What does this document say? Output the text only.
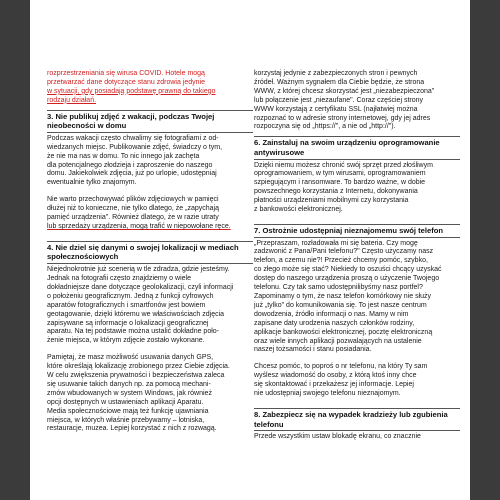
rozprzestrzeniania się wirusa COVID. Hotele mogą
przetwarzać dane dotyczące stanu zdrowia jedynie
w sytuacji, gdy posiadają podstawę prawną do takiego
rodzaju działań.

3. Nie publikuj zdjęć z wakacji, podczas Twojej
nieobecności w domu

Podczas wakacji często chwalimy się fotografiami z od-
wiedzanych miejsc. Publikowanie zdjęć, świadczy o tym,
że nie ma nas w domu. To nic innego jak zachęta
dla potencjalnego złodzieja i zaproszenie do naszego
domu. Jakiekolwiek zdjęcia, już po urlopie, udostępniaj
ewentualnie tylko znajomym.

Nie warto przechowywać plików zdjęciowych w pamięci
dłużej niż to konieczne, nie tylko dlatego, że „zapychają
pamięć urządzenia". Również dlatego, że w razie utraty
lub sprzedaży urządzenia, mogą trafić w niepowołane ręce.

4. Nie dziel się danymi o swojej lokalizacji w mediach
społecznościowych

Niejednokrotnie już scenerią w tle zdradza, gdzie jesteśmy.
Jednak na fotografii często znajdziemy o wiele
dokładniejsze dane dotyczące geolokalizacji, czyli informacji
o położeniu geograficznym. Jedną z funkcji cyfrowych
aparatów fotograficznych i smartfonów jest bowiem
geotagowanie, dzięki któremu we właściwościach zdjęcia
zapisywane są informacje o lokalizacji geograficznej
aparatu. Na tej podstawie można ustalić dokładne poło-
żenie miejsca, w którym zdjęcie zostało wykonane.

Pamiętaj, że masz możliwość usuwania danych GPS,
które określają lokalizację zrobionego przez Ciebie zdjęcia.
W celu zwiększenia prywatności i bezpieczeństwa zaleca
się usuwanie takich danych np. za pomocą mechani-
zmów wbudowanych w system Windows, jak również
opcji dostępnych w ustawieniach aplikacji Aparatu.
Media społecznościowe mają też funkcję ujawniania
miejsca, w których właśnie przebywamy – lotniska,
restauracje, muzea. Lepiej korzystać z nich z rozwagą.

korzystaj jedynie z zabezpieczonych stron i pewnych
źródeł. Ważnym sygnałem dla Ciebie będzie, że strona
WWW, z której chcesz skorzystać jest „niezabezpieczona"
lub połączenie jest „niezaufane". Coraz częściej strony
WWW korzystają z certyfikatu SSL (najłatwiej można
rozpoznać to w adresie strony internetowej, gdy jej adres
rozpoczyna się od „https://", a nie od „http://").

6. Zainstaluj na swoim urządzeniu oprogramowanie
antywirusowe

Dzięki niemu możesz chronić swój sprzęt przed złośliwym
oprogramowaniem, w tym wirusami, oprogramowaniem
szpiegującym i ransomware. To bardzo ważne, w dobie
powszechnego korzystania z Internetu, dokonywania
płatności urządzeniami mobilnymi czy korzystania
z bankowości elektronicznej.

7. Ostrożnie udostępniaj nieznajomemu swój telefon

„Przepraszam, rozładowała mi się bateria. Czy mogę
zadzwonić z Pana/Pani telefonu?" Często użyczamy nasz
telefon, a czemu nie?! Przecież chcemy pomóc, szybko,
co złego może się stać? Niekiedy to oszuści chcący uzyskać
dostęp do naszego urządzenia proszą o użyczenie Twojego
telefonu. Czy tak samo udostępnilibyśmy nasz portfel?
Zapominamy o tym, że nasz telefon komórkowy nie służy
już „tylko" do komunikowania się. To jest nasze centrum
dowodzenia, źródło informacji o nas. Mamy w nim
zapisane daty urodzenia naszych członków rodziny,
aplikacje bankowości elektronicznej, pocztę elektroniczną
oraz wiele innych aplikacji pozwalających na ustalenie
naszej tożsamości i stanu posiadania.

Chcesz pomóc, to poproś o nr telefonu, na który Ty sam
wyślesz wiadomość do osoby, z którą ktoś inny chce
się skontaktować i przekażesz jej informacje. Lepiej
nie udostępniaj swojego telefonu nieznajomym.

8. Zabezpiecz się na wypadek kradzieży lub zgubienia
telefonu

Przede wszystkim ustaw blokadę ekranu, co znacznie
